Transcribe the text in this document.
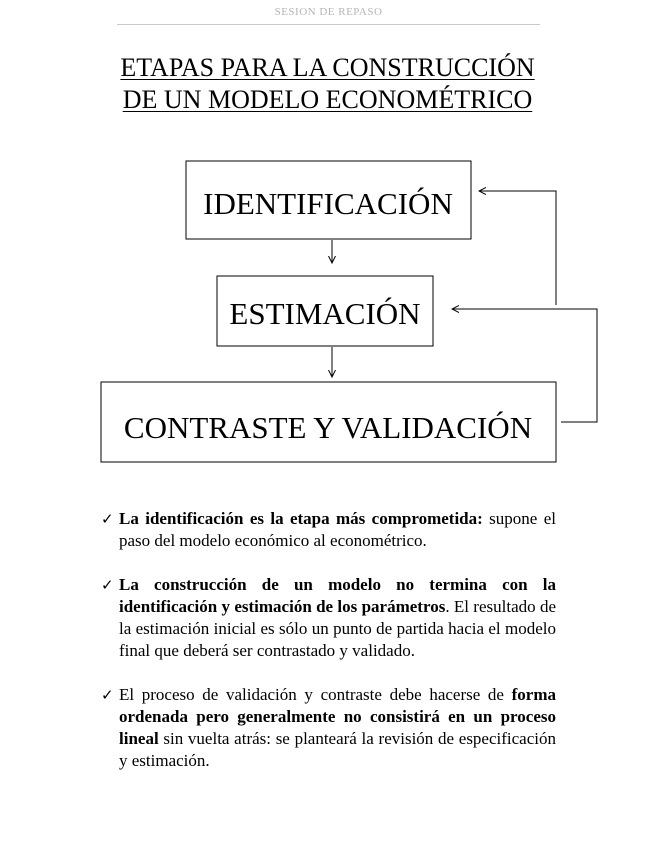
SESION DE REPASO
ETAPAS PARA LA CONSTRUCCIÓN
DE UN MODELO ECONOMÉTRICO
IDENTIFICACIÓN
ESTIMACIÓN
CONTRASTE Y VALIDACIÓN
✓ La identificación es la etapa más comprometida: supone el paso del modelo económico al econométrico.
✓ La construcción de un modelo no termina con la identificación y estimación de los parámetros. El resultado de la estimación inicial es sólo un punto de partida hacia el modelo final que deberá ser contrastado y validado.
✓ El proceso de validación y contraste debe hacerse de forma ordenada pero generalmente no consistirá en un proceso lineal sin vuelta atrás: se planteará la revisión de especificación y estimación.
